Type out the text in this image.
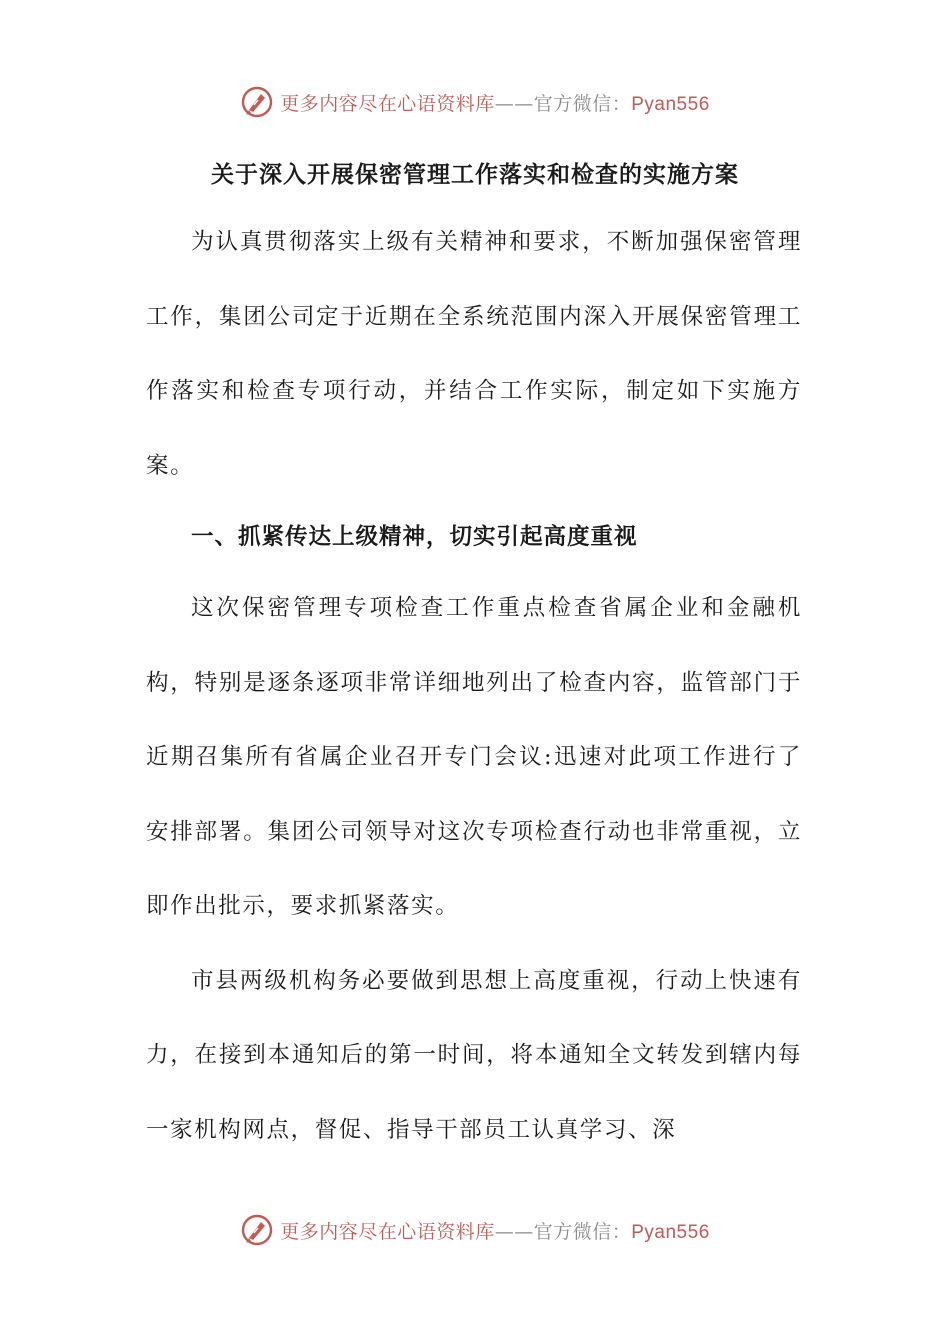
更多内容尽在心语资料库——官方微信：Pyan556
关于深入开展保密管理工作落实和检查的实施方案

为认真贯彻落实上级有关精神和要求，不断加强保密管理工作，集团公司定于近期在全系统范围内深入开展保密管理工作落实和检查专项行动，并结合工作实际，制定如下实施方案。

一、抓紧传达上级精神，切实引起高度重视

这次保密管理专项检查工作重点检查省属企业和金融机构，特别是逐条逐项非常详细地列出了检查内容，监管部门于近期召集所有省属企业召开专门会议:迅速对此项工作进行了安排部署。集团公司领导对这次专项检查行动也非常重视，立即作出批示，要求抓紧落实。

市县两级机构务必要做到思想上高度重视，行动上快速有力，在接到本通知后的第一时间，将本通知全文转发到辖内每一家机构网点，督促、指导干部员工认真学习、深

更多内容尽在心语资料库——官方微信：Pyan556
